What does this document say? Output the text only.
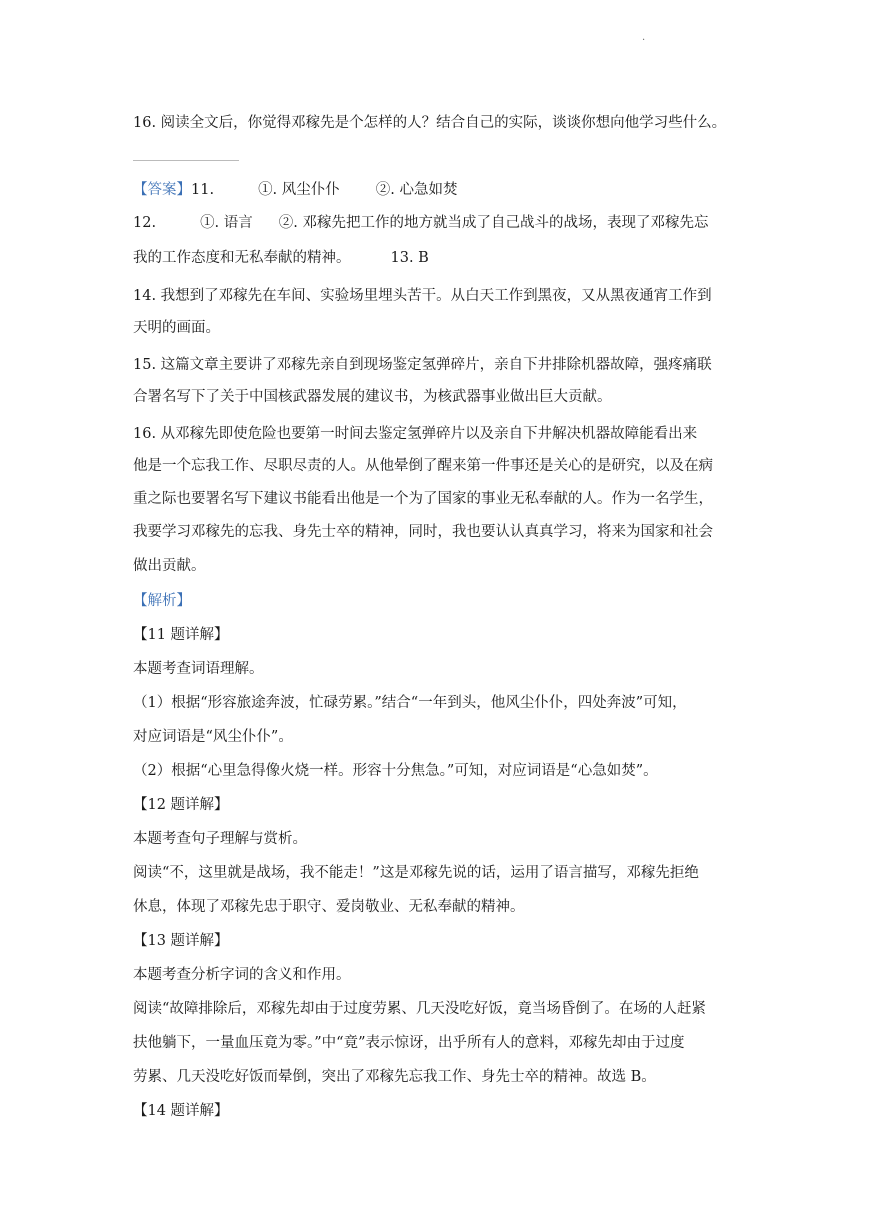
.
16. 阅读全文后，你觉得邓稼先是个怎样的人？结合自己的实际，谈谈你想向他学习些什么。
【答案】11.	①. 风尘仆仆 ②. 心急如焚
12.	①. 语言 ②. 邓稼先把工作的地方就当成了自己战斗的战场，表现了邓稼先忘
我的工作态度和无私奉献的精神。	13. B
14. 我想到了邓稼先在车间、实验场里埋头苦干。从白天工作到黑夜，又从黑夜通宵工作到
天明的画面。
15. 这篇文章主要讲了邓稼先亲自到现场鉴定氢弹碎片，亲自下井排除机器故障，强疼痛联
合署名写下了关于中国核武器发展的建议书，为核武器事业做出巨大贡献。
16. 从邓稼先即使危险也要第一时间去鉴定氢弹碎片以及亲自下井解决机器故障能看出来
他是一个忘我工作、尽职尽责的人。从他晕倒了醒来第一件事还是关心的是研究，以及在病
重之际也要署名写下建议书能看出他是一个为了国家的事业无私奉献的人。作为一名学生，
我要学习邓稼先的忘我、身先士卒的精神，同时，我也要认认真真学习，将来为国家和社会
做出贡献。
【解析】
【11 题详解】
本题考查词语理解。
（1）根据“形容旅途奔波，忙碌劳累。”结合“一年到头，他风尘仆仆，四处奔波”可知，
对应词语是“风尘仆仆”。
（2）根据“心里急得像火烧一样。形容十分焦急。”可知，对应词语是“心急如焚”。
【12 题详解】
本题考查句子理解与赏析。
阅读“不，这里就是战场，我不能走！”这是邓稼先说的话，运用了语言描写，邓稼先拒绝
休息，体现了邓稼先忠于职守、爱岗敬业、无私奉献的精神。
【13 题详解】
本题考查分析字词的含义和作用。
阅读“故障排除后，邓稼先却由于过度劳累、几天没吃好饭，竟当场昏倒了。在场的人赶紧
扶他躺下，一量血压竟为零。”中“竟”表示惊讶，出乎所有人的意料，邓稼先却由于过度
劳累、几天没吃好饭而晕倒，突出了邓稼先忘我工作、身先士卒的精神。故选 B。
【14 题详解】
